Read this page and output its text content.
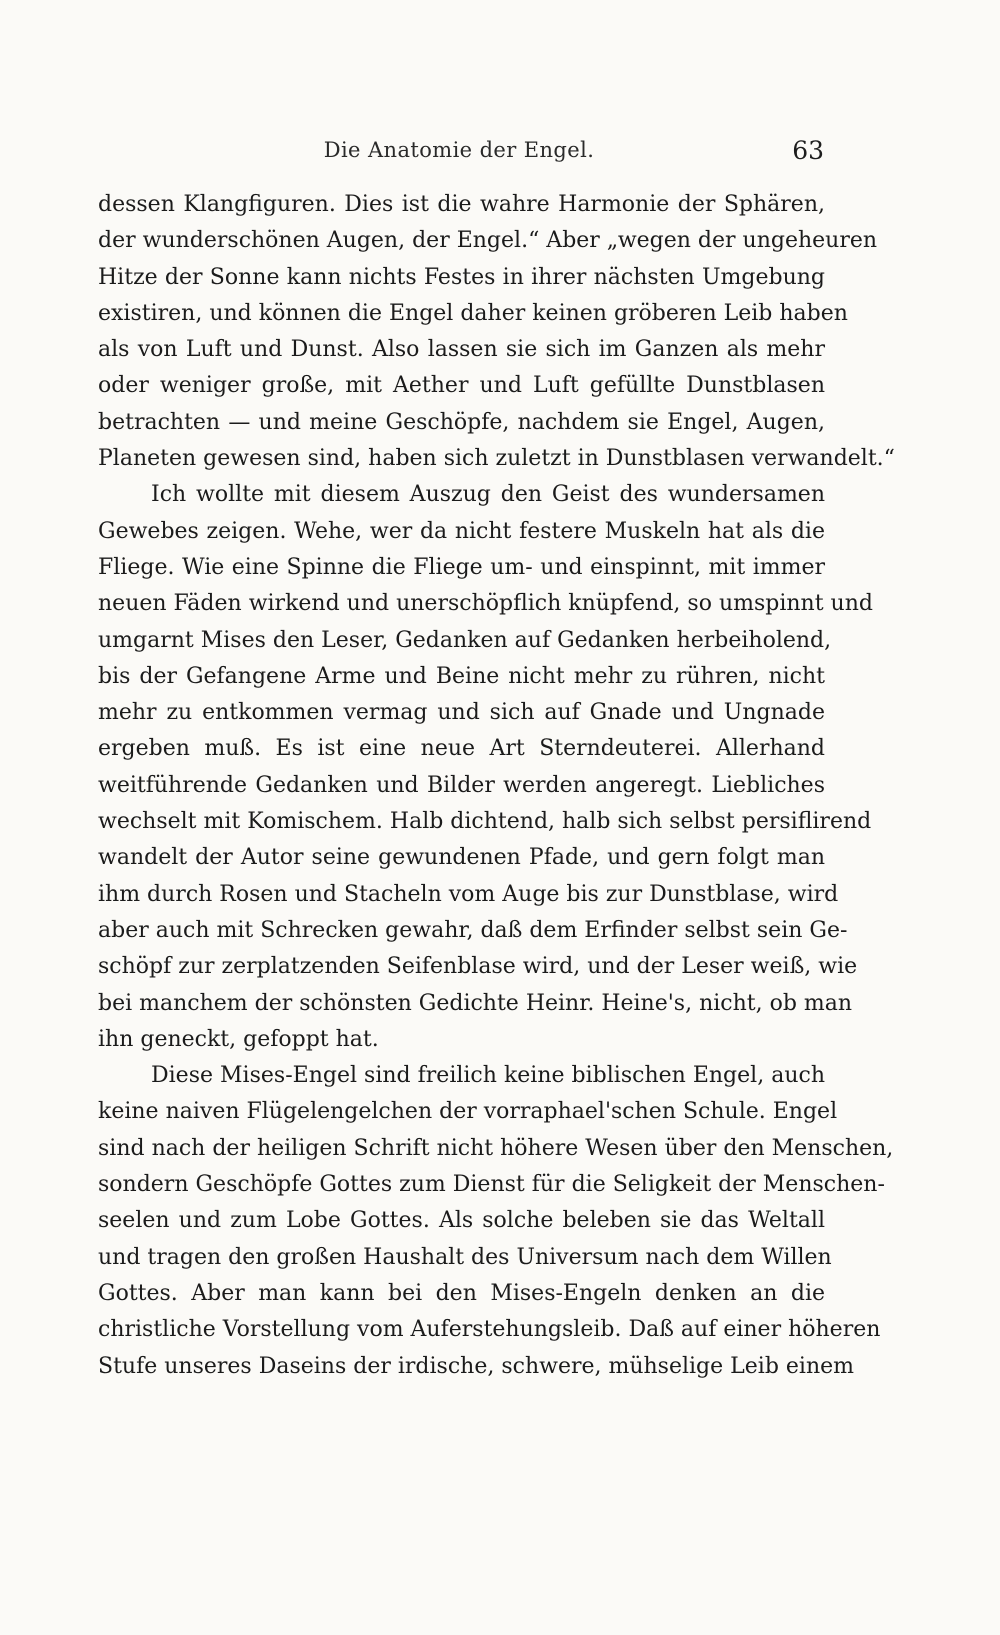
Die Anatomie der Engel.	63
dessen Klangfiguren. Dies ist die wahre Harmonie der Sphären,
der wunderschönen Augen, der Engel.“ Aber „wegen der ungeheuren
Hitze der Sonne kann nichts Festes in ihrer nächsten Umgebung
existiren, und können die Engel daher keinen gröberen Leib haben
als von Luft und Dunst. Also lassen sie sich im Ganzen als mehr
oder weniger große, mit Aether und Luft gefüllte Dunstblasen
betrachten — und meine Geschöpfe, nachdem sie Engel, Augen,
Planeten gewesen sind, haben sich zuletzt in Dunstblasen verwandelt.“
Ich wollte mit diesem Auszug den Geist des wundersamen
Gewebes zeigen. Wehe, wer da nicht festere Muskeln hat als die
Fliege. Wie eine Spinne die Fliege um- und einspinnt, mit immer
neuen Fäden wirkend und unerschöpflich knüpfend, so umspinnt und
umgarnt Mises den Leser, Gedanken auf Gedanken herbeiholend,
bis der Gefangene Arme und Beine nicht mehr zu rühren, nicht
mehr zu entkommen vermag und sich auf Gnade und Ungnade
ergeben muß. Es ist eine neue Art Sterndeuterei. Allerhand
weitführende Gedanken und Bilder werden angeregt. Liebliches
wechselt mit Komischem. Halb dichtend, halb sich selbst persiflirend
wandelt der Autor seine gewundenen Pfade, und gern folgt man
ihm durch Rosen und Stacheln vom Auge bis zur Dunstblase, wird
aber auch mit Schrecken gewahr, daß dem Erfinder selbst sein Ge-
schöpf zur zerplatzenden Seifenblase wird, und der Leser weiß, wie
bei manchem der schönsten Gedichte Heinr. Heine's, nicht, ob man
ihn geneckt, gefoppt hat.
Diese Mises-Engel sind freilich keine biblischen Engel, auch
keine naiven Flügelengelchen der vorraphael'schen Schule. Engel
sind nach der heiligen Schrift nicht höhere Wesen über den Menschen,
sondern Geschöpfe Gottes zum Dienst für die Seligkeit der Menschen-
seelen und zum Lobe Gottes. Als solche beleben sie das Weltall
und tragen den großen Haushalt des Universum nach dem Willen
Gottes. Aber man kann bei den Mises-Engeln denken an die
christliche Vorstellung vom Auferstehungsleib. Daß auf einer höheren
Stufe unseres Daseins der irdische, schwere, mühselige Leib einem
